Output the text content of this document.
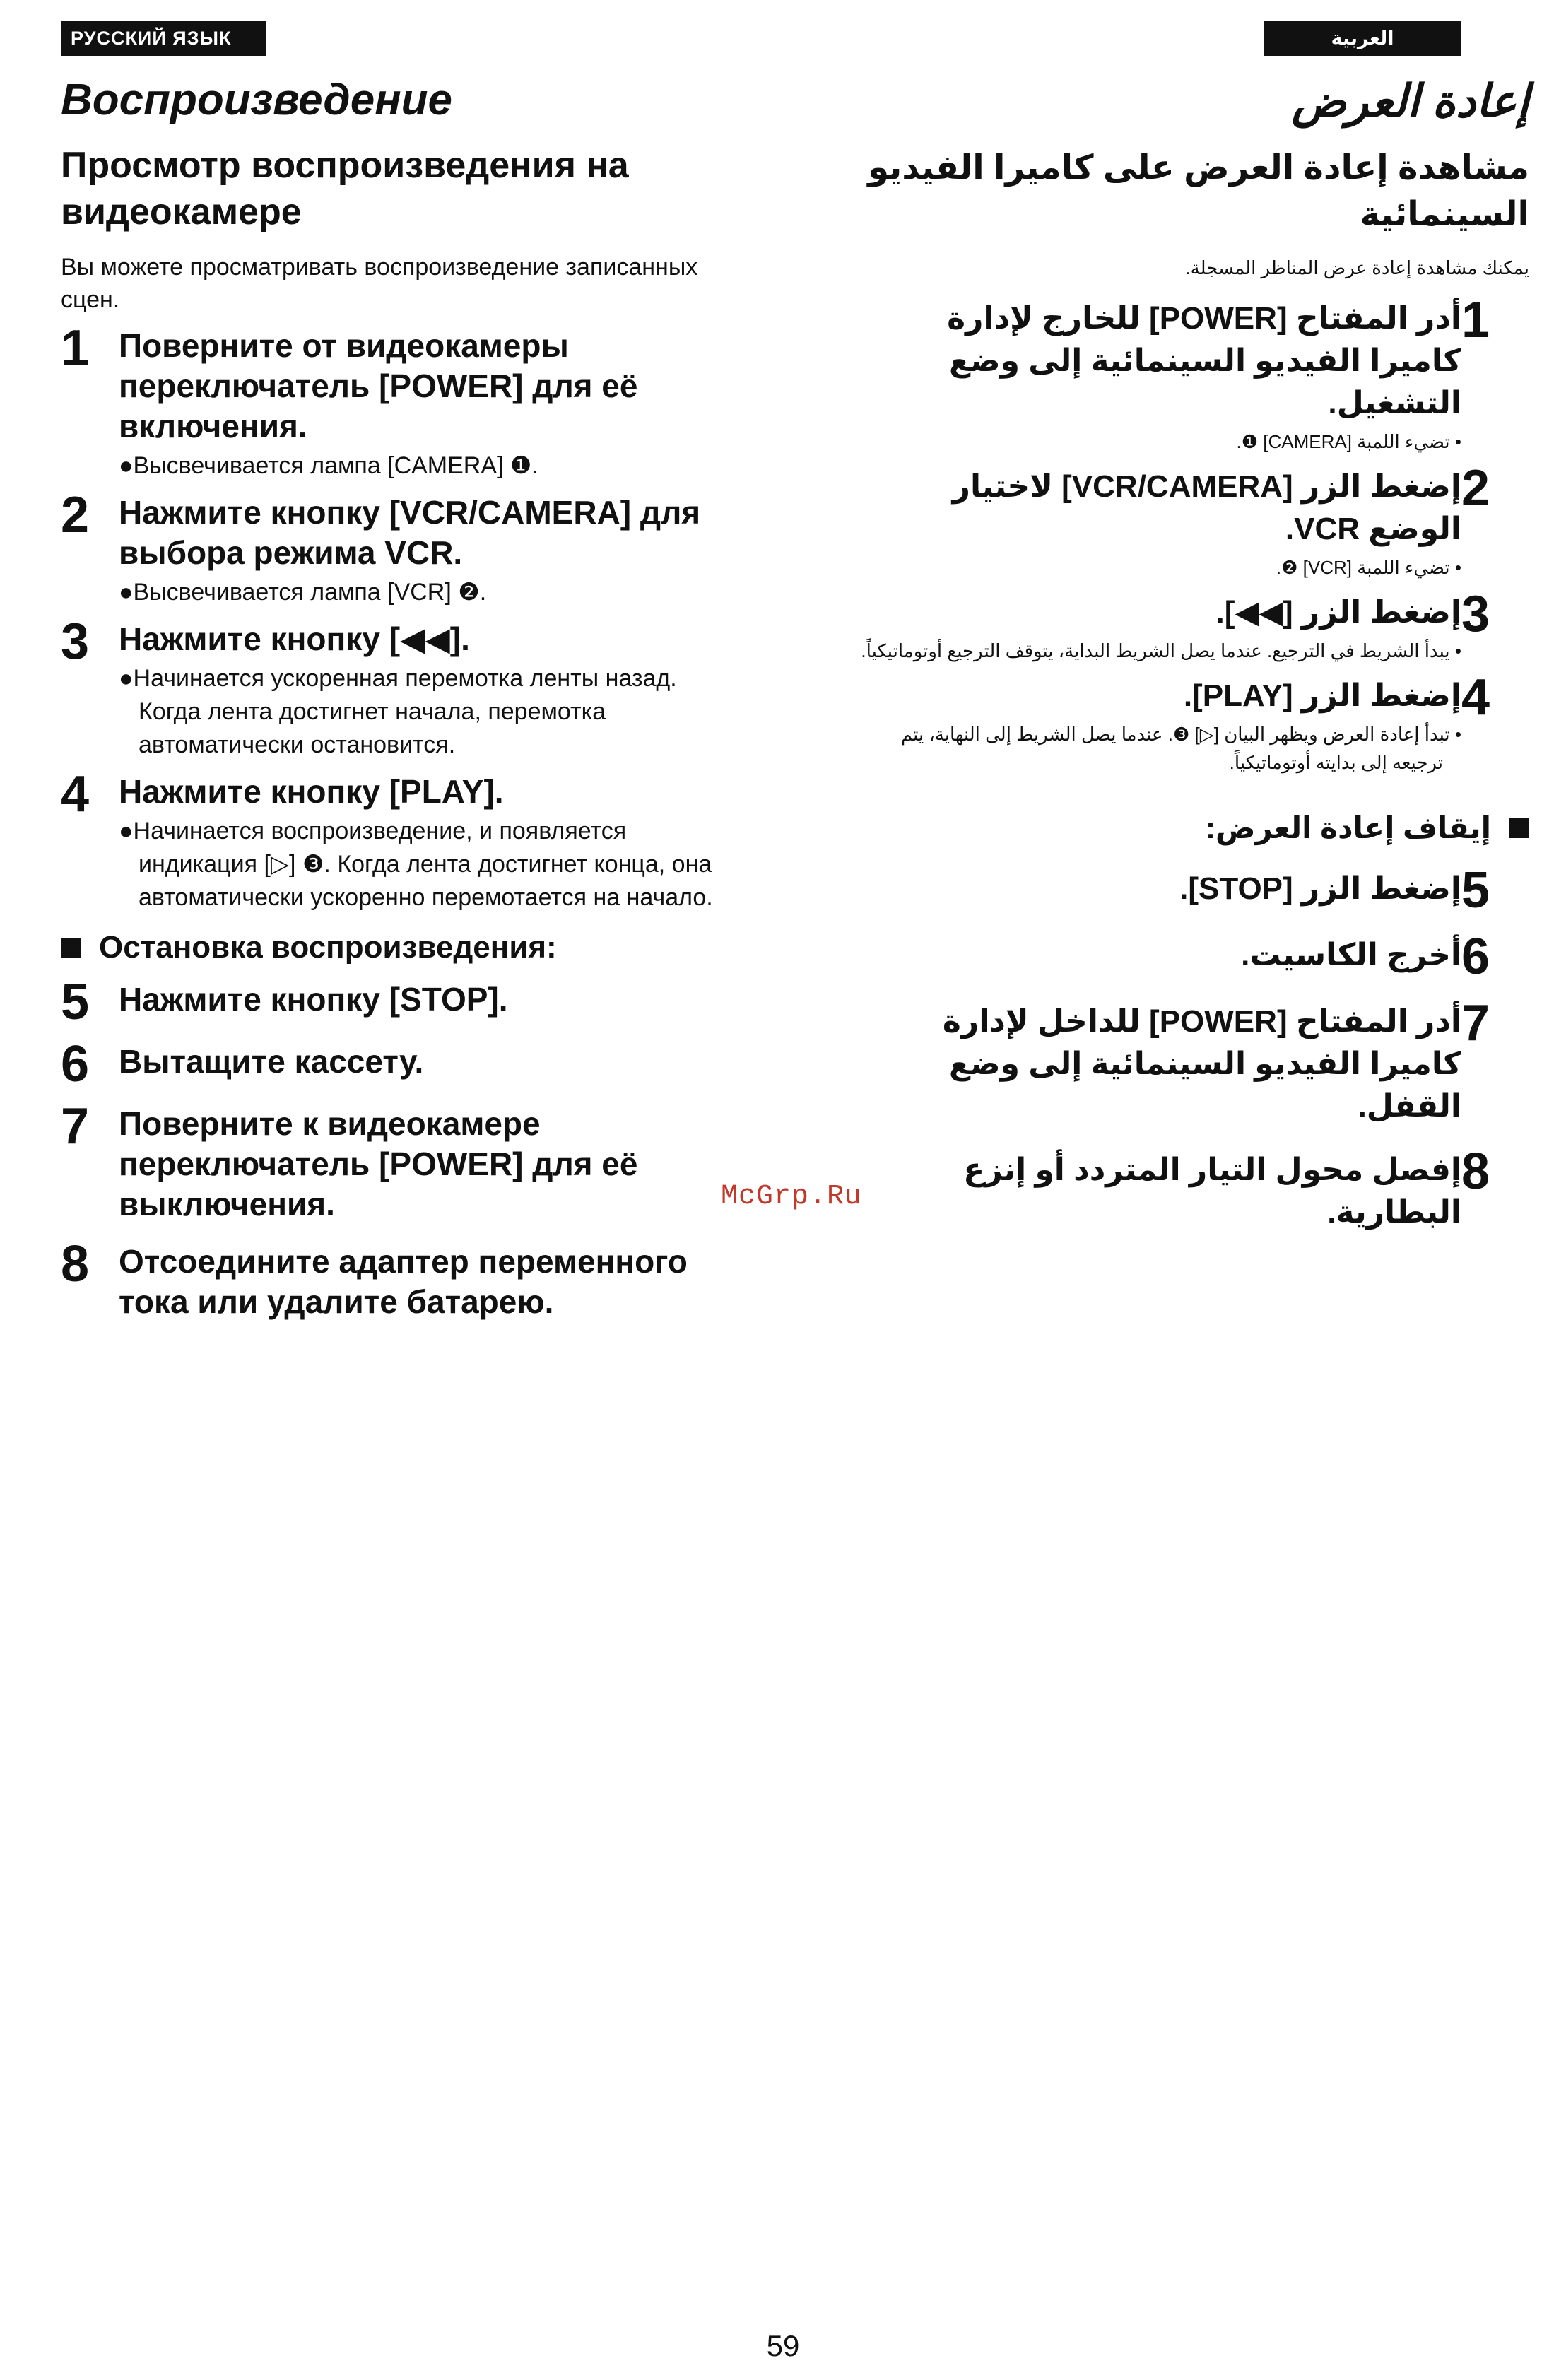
РУССКИЙ ЯЗЫК	العربية
Воспроизведение
Просмотр воспроизведения на видеокамере

Вы можете просматривать воспроизведение записанных сцен.

1 Поверните от видеокамеры переключатель [POWER] для её включения.
●Высвечивается лампа [CAMERA] ❶.
2 Нажмите кнопку [VCR/CAMERA] для выбора режима VCR.
●Высвечивается лампа [VCR] ❷.
3 Нажмите кнопку [◀◀].
●Начинается ускоренная перемотка ленты назад. Когда лента достигнет начала, перемотка автоматически остановится.
4 Нажмите кнопку [PLAY].
●Начинается воспроизведение, и появляется индикация [▷] ❸. Когда лента достигнет конца, она автоматически ускоренно перемотается на начало.
Остановка воспроизведения:
5 Нажмите кнопку [STOP].
6 Вытащите кассету.
7 Поверните к видеокамере переключатель [POWER] для её выключения.
8 Отсоедините адаптер переменного тока или удалите батарею.
إعادة العرض
مشاهدة إعادة العرض على كاميرا الفيديو السينمائية

يمكنك مشاهدة إعادة عرض المناظر المسجلة.

1
أدر المفتاح [POWER] للخارج لإدارة كاميرا الفيديو السينمائية إلى وضع التشغيل.
• تضيء اللمبة [CAMERA] ❶.
2
إضغط الزر [VCR/CAMERA] لاختيار الوضع VCR.
• تضيء اللمبة [VCR] ❷.
3
إضغط الزر [◀◀].
• يبدأ الشريط في الترجيع. عندما يصل الشريط البداية، يتوقف الترجيع أوتوماتيكياً.
4
إضغط الزر [PLAY].
• تبدأ إعادة العرض ويظهر البيان [▷] ❸. عندما يصل الشريط إلى النهاية، يتم ترجيعه إلى بدايته أوتوماتيكياً.
إيقاف إعادة العرض:
5
إضغط الزر [STOP].
6
أخرج الكاسيت.
7
أدر المفتاح [POWER] للداخل لإدارة كاميرا الفيديو السينمائية إلى وضع القفل.
8
إفصل محول التيار المتردد أو إنزع البطارية.
McGrp.Ru
59
